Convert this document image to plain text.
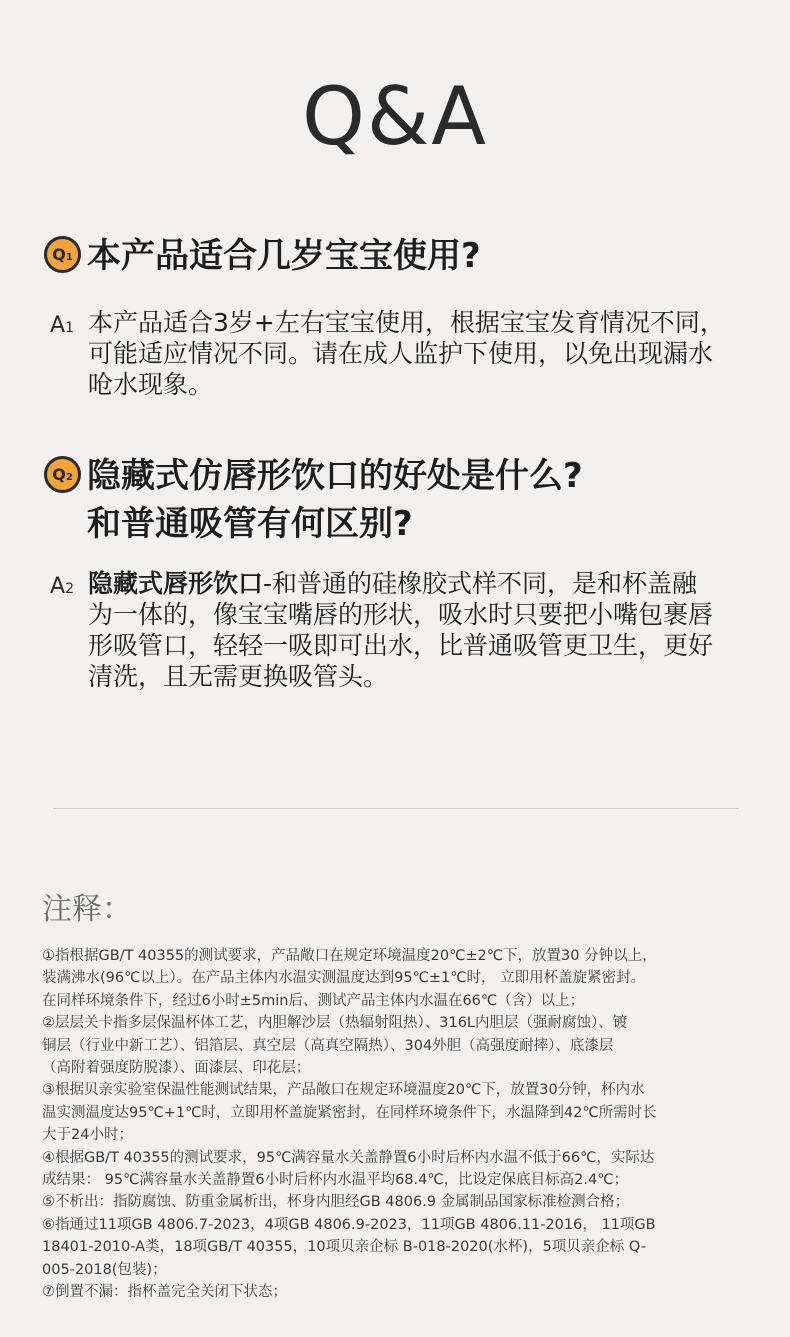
Q&A
$Q_1$ 本产品适合几岁宝宝使用?
A1 本产品适合3岁+左右宝宝使用，根据宝宝发育情况不同，
可能适应情况不同。请在成人监护下使用，以免出现漏水
呛水现象。
$Q_2$ 隐藏式仿唇形饮口的好处是什么?
和普通吸管有何区别?
A2 隐藏式唇形饮口-和普通的硅橡胶式样不同，是和杯盖融
为一体的，像宝宝嘴唇的形状，吸水时只要把小嘴包裹唇
形吸管口，轻轻一吸即可出水，比普通吸管更卫生，更好
清洗，且无需更换吸管头。
注释：

①指根据GB/T 40355的测试要求，产品敞口在规定环境温度20℃±2℃下，放置30 分钟以上，

装满沸水(96℃以上）。在产品主体内水温实测温度达到95℃±1℃时， 立即用杯盖旋紧密封。

在同样环境条件下，经过6小时±5min后、测试产品主体内水温在66℃（含）以上；

②层层关卡指多层保温杯体工艺，内胆解沙层（热辐射阻热）、316L内胆层（强耐腐蚀）、镀

铜层（行业中新工艺）、铝箔层、真空层（高真空隔热）、304外胆（高强度耐摔）、底漆层

（高附着强度防脱漆）、面漆层、印花层；

③根据贝亲实验室保温性能测试结果，产品敞口在规定环境温度20℃下，放置30分钟，杯内水

温实测温度达95℃+1℃时，立即用杯盖旋紧密封，在同样环境条件下，水温降到42℃所需时长

大于24小时；

④根据GB/T 40355的测试要求，95℃满容量水关盖静置6小时后杯内水温不低于66℃，实际达

成结果： 95℃满容量水关盖静置6小时后杯内水温平均68.4℃，比设定保底目标高2.4℃；

⑤不析出：指防腐蚀、防重金属析出，杯身内胆经GB 4806.9 金属制品国家标准检测合格；

⑥指通过11项GB 4806.7-2023，4项GB 4806.9-2023，11项GB 4806.11-2016， 11项GB

18401-2010-A类，18项GB/T 40355，10项贝亲企标 B-018-2020(水杯)，5项贝亲企标 Q-

005-2018(包装)；

⑦倒置不漏：指杯盖完全关闭下状态；
